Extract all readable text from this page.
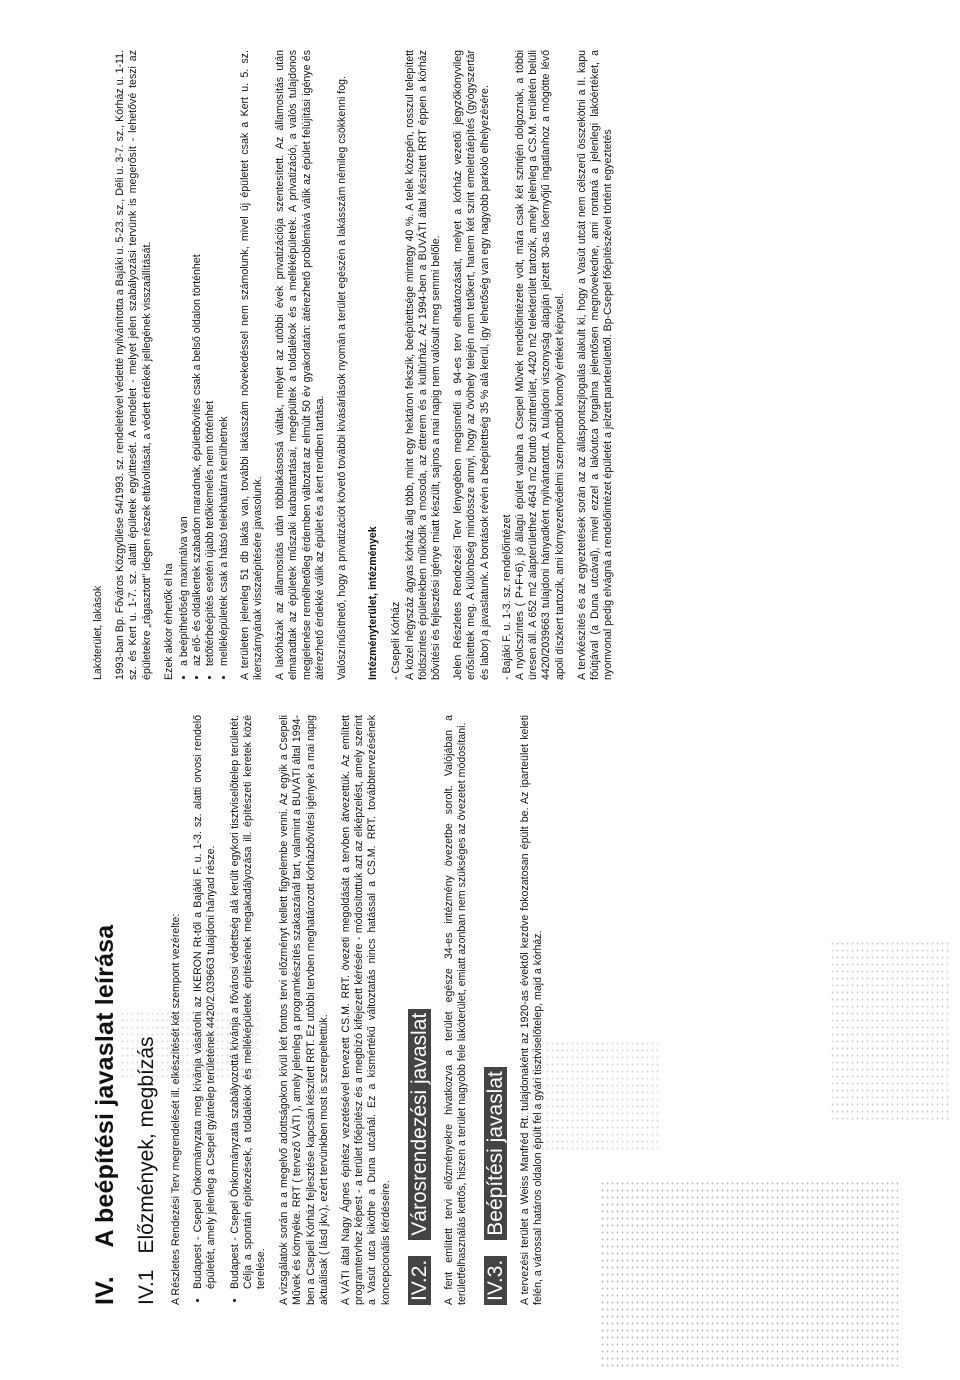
IV.    A beépítési javaslat leírása
IV.1Előzmények, megbízás A Részletes Rendezési Terv megrendelését ill. elkészítését két szempont vezérelte: • Budapest - Csepel Önkormányzata meg kívánja vásárolni az IKERON Rt-től a Bajáki F. u. 1-3. sz. alatti orvosi rendelő épületét, amely jelenleg a Csepel gyártelep területének 4420/2.039663 tulajdoni hányad része. • Budapest - Csepel Önkormányzata szabályozottá kívánja a fővárosi védettség alá került egykori tisztviselőtelep területét. Célja a spontán építkezések, a toldalékok és melléképületek építésének megakadályozása ill. építészeti keretek közé terelése. A vizsgálatok során a a megelvő adottságokon kívül két fontos tervi előzményt kellett figyelembe venni. Az egyik a Csepeli Művek és környéke. RRT ( tervező VÁTI ), amely jelenleg a programkészítés szakaszánál tart, valamint a BUVÁTI által 1994-ben a Csepeli Kórház fejlesztése kapcsán készített RRT. Ez utóbbi tervben meghatározott kórházbővítési igények a mai napig aktuálisak ( lásd jkv.), ezért tervünkben most is szerepeltettük. A VÁTI által Nagy Ágnes építész vezetésével tervezett CS.M. RRT. övezeti megoldását a tervben átvezettük. Az említett programtervhez képest - a terület főépítész és a megbízó kifejezett kérésére - módosítottuk azt az elképzelést, amely szerint a Vasút utca kiköthe a Duna utcánál. Ez a kismértékű változtatás nincs hatással a CS.M. RRT. továbbtervezésének koncepcionális kérdéseire. IV.2.Városrendezési javaslat A fent említett tervi előzményekre hivatkozva a terület egésze 34-es intézmény övezetbe sorolt. Valójában a területfelhasználás kettős, hiszen a terület nagyobb fele lakóterület, emiatt azonban nem szükséges az övezetet módosítani. IV.3.Beépítési javaslat A tervezési terület a Weiss Manfréd Rt. tulajdonaként az 1920-as évektől kezdve fokozatosan épült be. Az iparteület keleti felén, a várossal határos oldalon épült fel a gyári tisztviselőtelep, majd a kórház.
Lakóterület, lakások 1993-ban Bp. Főváros Közgyűlése 54/1993. sz. rendeletével védetté nyilvánította a Bajáki u. 5-23. sz., Déli u. 3-7. sz., Kórház u. 1-11. sz. és Kert u. 1-7. sz. alatti épületek együttesét. A rendelet - melyet jelen szabályozási tervünk is megerősít - lehetővé teszi az épületekre „rágasztott" idegen részek eltávolítását, a védett értékek jellegének visszaállítását. Ezek akkor érhetők el ha • a beépíthetőség maximálva van • az elő- és oldalkertek szabadon maradnak, épületbővítés csak a belső oldalon történhet • tetőtérbeépítés esetén újabb tetőkiemelés nem történhet • melléképületek csak a hátsó telekhatárra kerülhetnek A területen jelenleg 51 db lakás van, további lakásszám növekedéssel nem számolunk, mivel új épületet csak a Kert u. 5. sz. ikerszárnyának visszaépítésére javasolunk. A lakóházak az államosítás után többlakásossá váltak, melyet az utóbbi évek privatizációja szentesített. Az államosítás után elmaradtak az épületek műszaki karbantartásai, megépültek a toldalékok és a melléképületek. A privatizáció, a valós tulajdonos megjelenése remélhetőleg érdemben változtat az elmúlt 50 év gyakorlatán: átérezhető problémává válik az épület felújítási igénye és átérezhető érdekké válik az épület és a kert rendben tartása. Valószínűsíthető, hogy a privatizációt követő további kivásárlások nyomán a terület egészén a lakásszám némileg csökkenni fog. Intézményterület, intézmények - Csepeli Kórház A közel négyszáz ágyas kórház alig több, mint egy hektáron fekszik, beépítettsége mintegy 40 %. A telek közepén, rosszul telepített földszintes épületekben működik a mosoda, az étterem és a kultúrház. Az 1994-ben a BUVÁTI által készített RRT éppen a kórház bővítési és fejlesztési igénye miatt készült, sajnos a mai napig nem valósult meg semmi belőle. Jelen Részletes Rendezési Terv lényegében megismétli a 94-es terv elhatározásait, melyet a kórház vezetői jegyzőkönyvileg erősítettek meg. A különbség mindössze annyi, hogy az övöhely telején nem tetőkert, hanem két szint emeletráépítés (gyógyszertár és labor) a javaslatunk. A bontások révén a beépítettség 35 % alá kerül, így lehetőség van egy nagyobb parkoló elhelyezésére. - Bajáki F. u. 1-3. sz. rendelőintézet A nyolcszintes ( P+F+6), jó állagú épület valaha a Csepel Művek rendelőintézete volt, mára csak két szintjén dolgoznak, a többi üresen áll. A 652 m2 alapterülethez 4643 m2 bruttó szintterület, 4420 m2 telekterület tartozik, amely jelenleg a CS.M. területén belüli 4420/2039663 tulajdoni hányadként nyilvántartott. A tulajdoni viszonyság alapján jelzett 30-as lóernyőjű ingatlanhoz a mögötte lévő apoli díszkert tartozik, ami környezetvédelmi szempontból komoly értéket képvisel. A tervkészítés és az egyeztetések során az az álláspontszjlogalás alakult ki, hogy a Vasút utcát nem célszerű összekötni a II. kapu főútjával (a Duna utcával), mivel ezzel a lakóutca forgalma jelentősen megnövekedne, ami rontaná a jelenlegi lakóértéket, a nyomvonal pedig elvágná a rendelőintézet épületét a jelzett parkterülettől. Bp-Csepel főépítészével történt egyeztetés
